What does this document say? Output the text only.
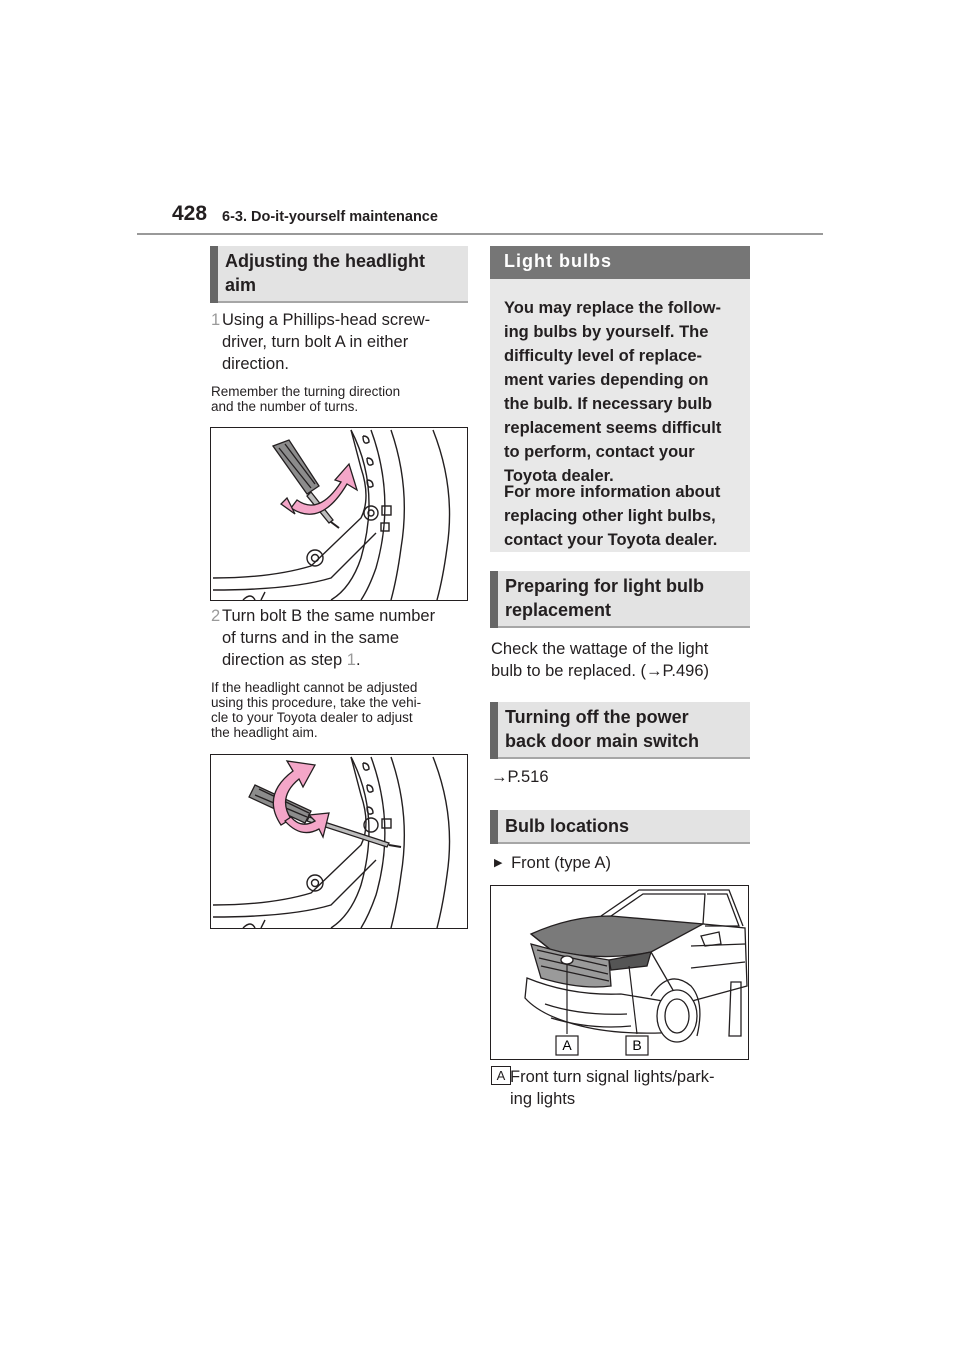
428 6-3. Do-it-yourself maintenance
Adjusting the headlight
aim
1 Using a Phillips-head screw-
driver, turn bolt A in either
direction.
Remember the turning direction
and the number of turns.
2 Turn bolt B the same number
of turns and in the same
direction as step 1.
If the headlight cannot be adjusted
using this procedure, take the vehi-
cle to your Toyota dealer to adjust
the headlight aim.
Light bulbs

You may replace the follow-

ing bulbs by yourself. The

difficulty level of replace-

ment varies depending on

the bulb. If necessary bulb

replacement seems difficult

to perform, contact your

Toyota dealer.

For more information about

replacing other light bulbs,

contact your Toyota dealer.

Preparing for light bulb
replacement
Check the wattage of the light
bulb to be replaced. (→P.496)
Turning off the power
back door main switch
→P.516
Bulb locations
▶ Front (type A)
A	B
A Front turn signal lights/park-
ing lights
